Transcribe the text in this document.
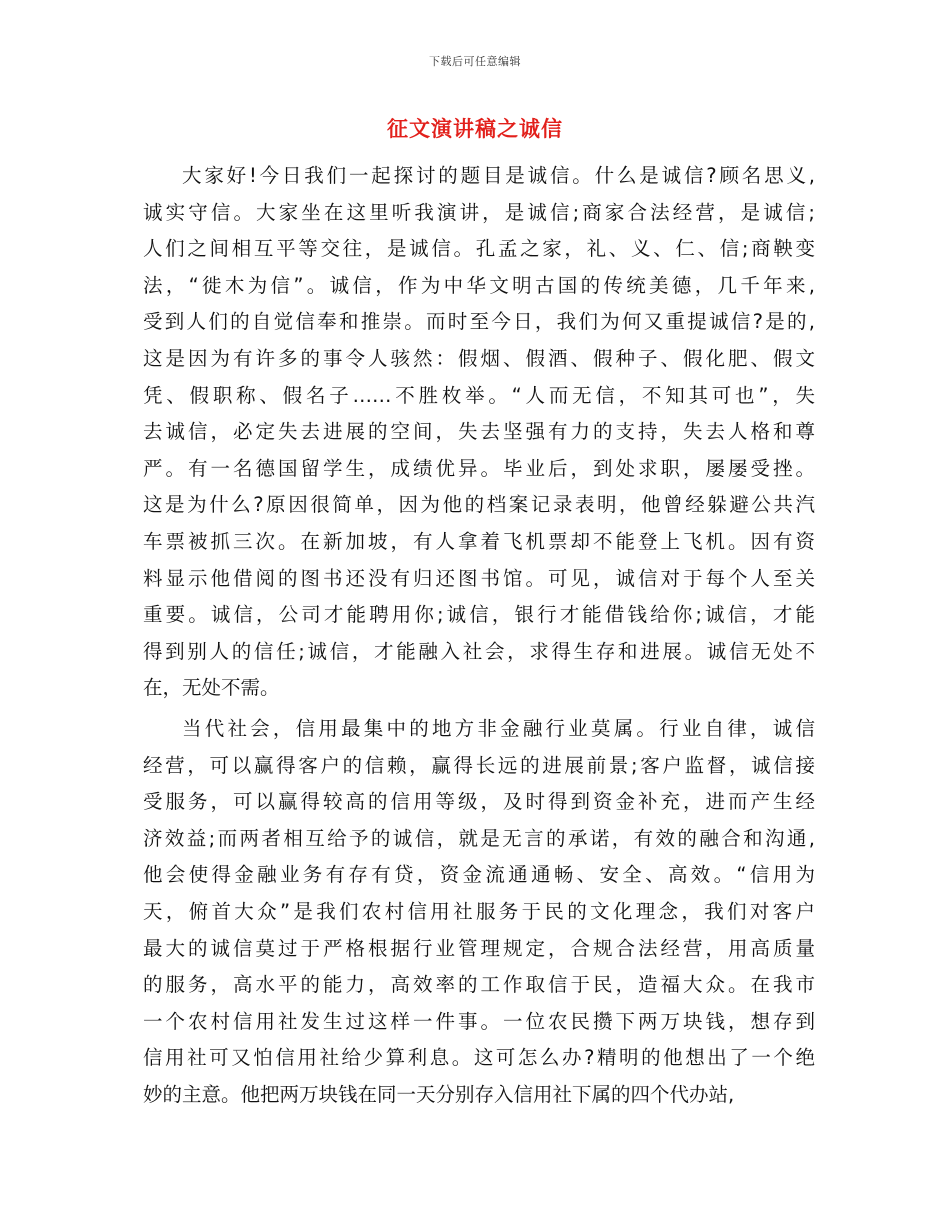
下载后可任意编辑
征文演讲稿之诚信
大家好!今日我们一起探讨的题目是诚信。什么是诚信?顾名思义,
诚实守信。大家坐在这里听我演讲，是诚信;商家合法经营，是诚信;
人们之间相互平等交往，是诚信。孔孟之家，礼、义、仁、信;商鞅变
法，“徙木为信”。诚信，作为中华文明古国的传统美德，几千年来,
受到人们的自觉信奉和推崇。而时至今日，我们为何又重提诚信?是的,
这是因为有许多的事令人骇然：假烟、假酒、假种子、假化肥、假文
凭、假职称、假名子……不胜枚举。“人而无信，不知其可也”，失
去诚信，必定失去进展的空间，失去坚强有力的支持，失去人格和尊
严。有一名德国留学生，成绩优异。毕业后，到处求职，屡屡受挫。
这是为什么?原因很简单，因为他的档案记录表明，他曾经躲避公共汽
车票被抓三次。在新加坡，有人拿着飞机票却不能登上飞机。因有资
料显示他借阅的图书还没有归还图书馆。可见，诚信对于每个人至关
重要。诚信，公司才能聘用你;诚信，银行才能借钱给你;诚信，才能
得到别人的信任;诚信，才能融入社会，求得生存和进展。诚信无处不
在，无处不需。
当代社会，信用最集中的地方非金融行业莫属。行业自律，诚信
经营，可以赢得客户的信赖，赢得长远的进展前景;客户监督，诚信接
受服务，可以赢得较高的信用等级，及时得到资金补充，进而产生经
济效益;而两者相互给予的诚信，就是无言的承诺，有效的融合和沟通,
他会使得金融业务有存有贷，资金流通通畅、安全、高效。“信用为
天，俯首大众”是我们农村信用社服务于民的文化理念，我们对客户
最大的诚信莫过于严格根据行业管理规定，合规合法经营，用高质量
的服务，高水平的能力，高效率的工作取信于民，造福大众。在我市
一个农村信用社发生过这样一件事。一位农民攒下两万块钱，想存到
信用社可又怕信用社给少算利息。这可怎么办?精明的他想出了一个绝
妙的主意。他把两万块钱在同一天分别存入信用社下属的四个代办站,
